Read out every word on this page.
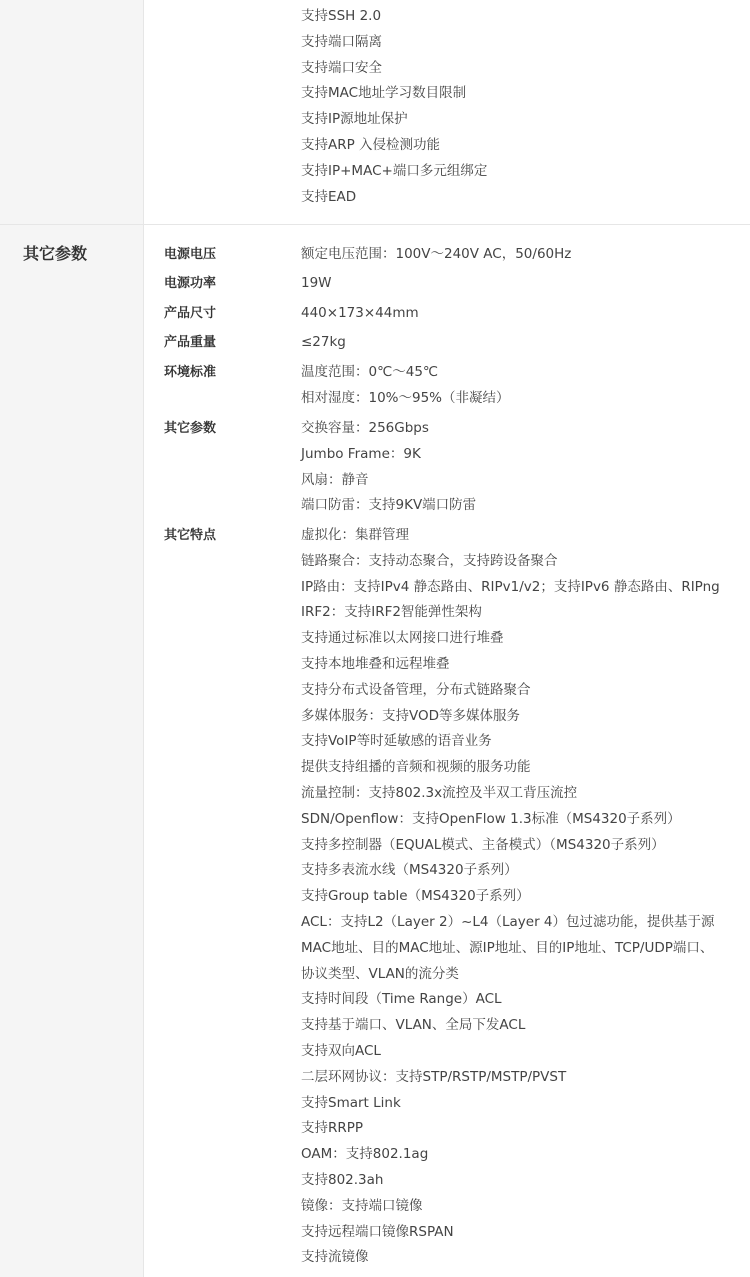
支持SSH 2.0
支持端口隔离
支持端口安全
支持MAC地址学习数目限制
支持IP源地址保护
支持ARP 入侵检测功能
支持IP+MAC+端口多元组绑定
支持EAD
其它参数	电源电压	额定电压范围：100V～240V AC，50/60Hz
电源功率	19W
产品尺寸	440×173×44mm
产品重量	≤27kg
环境标准	温度范围：0℃～45℃
相对湿度：10%～95%（非凝结）
其它参数	交换容量：256Gbps
Jumbo Frame：9K
风扇：静音
端口防雷：支持9KV端口防雷
其它特点	虚拟化：集群管理
链路聚合：支持动态聚合，支持跨设备聚合
IP路由：支持IPv4 静态路由、RIPv1/v2；支持IPv6 静态路由、RIPng
IRF2：支持IRF2智能弹性架构
支持通过标准以太网接口进行堆叠
支持本地堆叠和远程堆叠
支持分布式设备管理，分布式链路聚合
多媒体服务：支持VOD等多媒体服务
支持VoIP等时延敏感的语音业务
提供支持组播的音频和视频的服务功能
流量控制：支持802.3x流控及半双工背压流控
SDN/Openflow：支持OpenFlow 1.3标准（MS4320子系列）
支持多控制器（EQUAL模式、主备模式）（MS4320子系列）
支持多表流水线（MS4320子系列）
支持Group table（MS4320子系列）
ACL：支持L2（Layer 2）~L4（Layer 4）包过滤功能，提供基于源
MAC地址、目的MAC地址、源IP地址、目的IP地址、TCP/UDP端口、
协议类型、VLAN的流分类
支持时间段（Time Range）ACL
支持基于端口、VLAN、全局下发ACL
支持双向ACL
二层环网协议：支持STP/RSTP/MSTP/PVST
支持Smart Link
支持RRPP
OAM：支持802.1ag
支持802.3ah
镜像：支持端口镜像
支持远程端口镜像RSPAN
支持流镜像
